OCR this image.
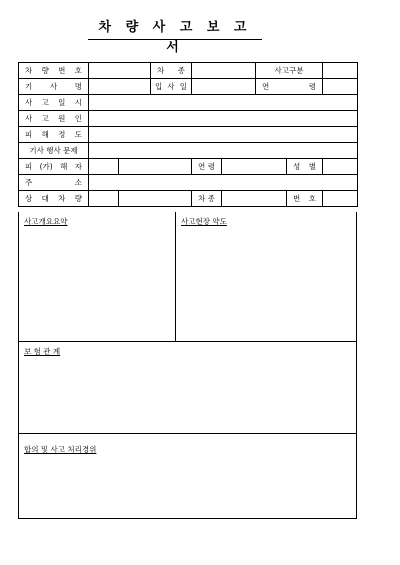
차 량 사 고 보 고 서
차 량 번 호			차 종			사고구분		
기 사 명			입 사 일			연 령		
사 고 일 시								
사 고 원 인								
피 해 정 도								
기사 행사 문제								
피 (가) 해 자				연 령			성 별	
주 소								
상 대 차 량				차 종			번 호	
사고개요요약	사고현장 약도
보 험 관 계
합의 및 사고 처리경위
